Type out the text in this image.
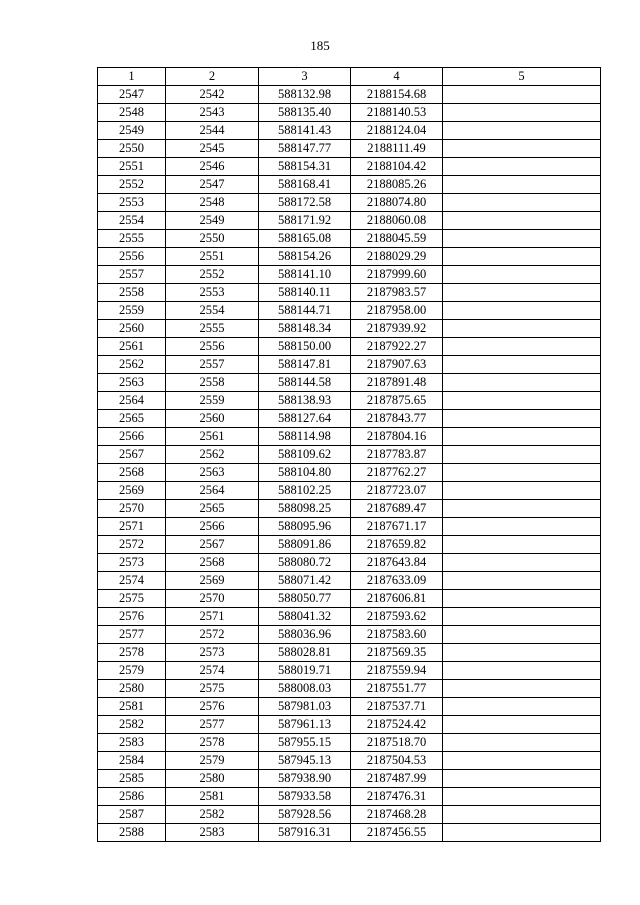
185
1	2	3	4	5
2547	2542	588132.98	2188154.68	
2548	2543	588135.40	2188140.53	
2549	2544	588141.43	2188124.04	
2550	2545	588147.77	2188111.49	
2551	2546	588154.31	2188104.42	
2552	2547	588168.41	2188085.26	
2553	2548	588172.58	2188074.80	
2554	2549	588171.92	2188060.08	
2555	2550	588165.08	2188045.59	
2556	2551	588154.26	2188029.29	
2557	2552	588141.10	2187999.60	
2558	2553	588140.11	2187983.57	
2559	2554	588144.71	2187958.00	
2560	2555	588148.34	2187939.92	
2561	2556	588150.00	2187922.27	
2562	2557	588147.81	2187907.63	
2563	2558	588144.58	2187891.48	
2564	2559	588138.93	2187875.65	
2565	2560	588127.64	2187843.77	
2566	2561	588114.98	2187804.16	
2567	2562	588109.62	2187783.87	
2568	2563	588104.80	2187762.27	
2569	2564	588102.25	2187723.07	
2570	2565	588098.25	2187689.47	
2571	2566	588095.96	2187671.17	
2572	2567	588091.86	2187659.82	
2573	2568	588080.72	2187643.84	
2574	2569	588071.42	2187633.09	
2575	2570	588050.77	2187606.81	
2576	2571	588041.32	2187593.62	
2577	2572	588036.96	2187583.60	
2578	2573	588028.81	2187569.35	
2579	2574	588019.71	2187559.94	
2580	2575	588008.03	2187551.77	
2581	2576	587981.03	2187537.71	
2582	2577	587961.13	2187524.42	
2583	2578	587955.15	2187518.70	
2584	2579	587945.13	2187504.53	
2585	2580	587938.90	2187487.99	
2586	2581	587933.58	2187476.31	
2587	2582	587928.56	2187468.28	
2588	2583	587916.31	2187456.55	
